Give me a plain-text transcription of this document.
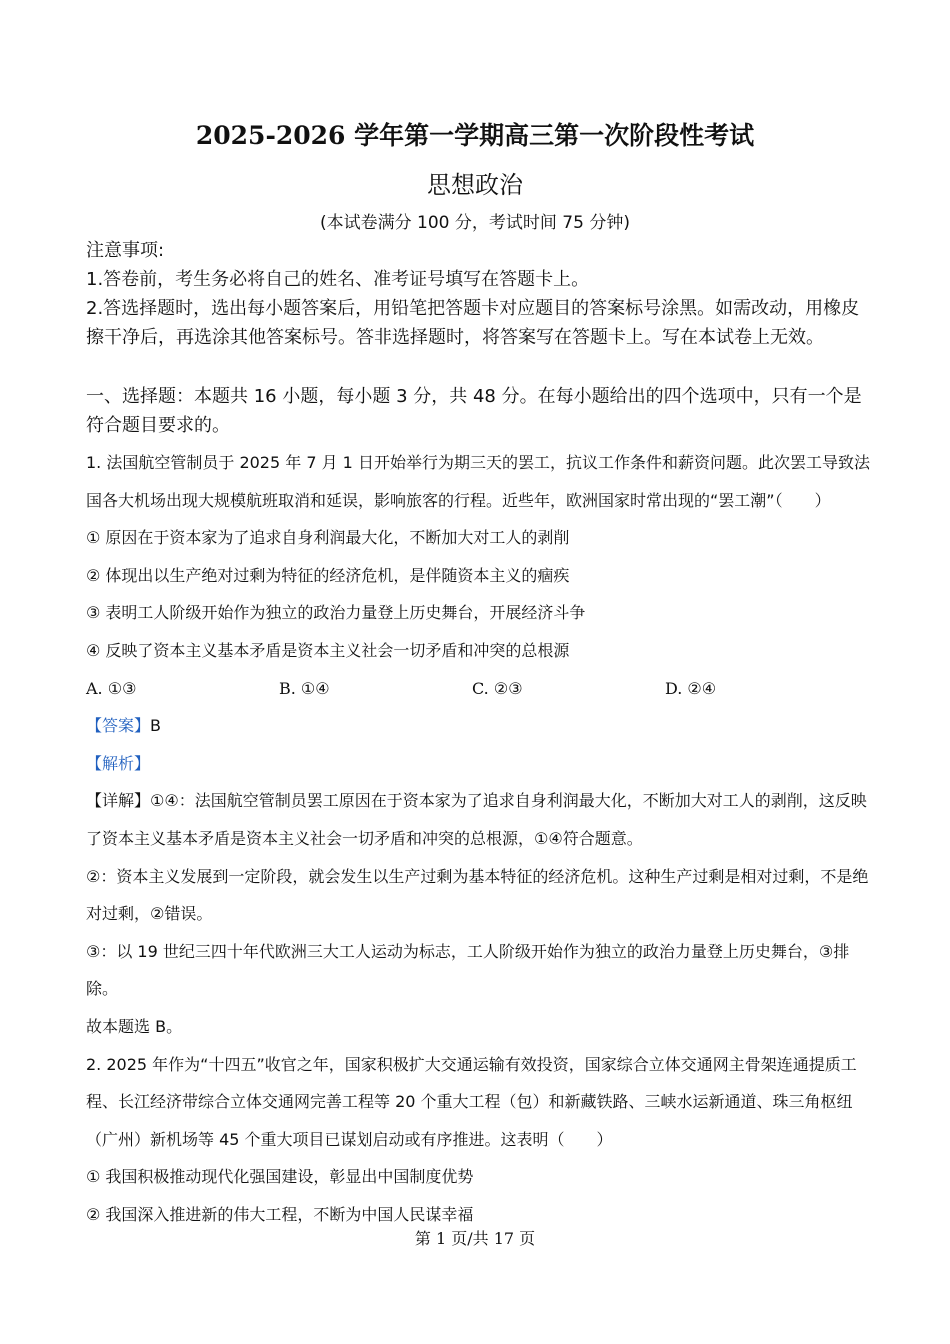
2025-2026 学年第一学期高三第一次阶段性考试
思想政治
(本试卷满分 100 分，考试时间 75 分钟)

注意事项:

1.答卷前，考生务必将自己的姓名、准考证号填写在答题卡上。

2.答选择题时，选出每小题答案后，用铅笔把答题卡对应题目的答案标号涂黑。如需改动，用橡皮擦干净后，再选涂其他答案标号。答非选择题时，将答案写在答题卡上。写在本试卷上无效。

一、选择题：本题共 16 小题，每小题 3 分，共 48 分。在每小题给出的四个选项中，只有一个是符合题目要求的。

1. 法国航空管制员于 2025 年 7 月 1 日开始举行为期三天的罢工，抗议工作条件和薪资问题。此次罢工导致法国各大机场出现大规模航班取消和延误，影响旅客的行程。近些年，欧洲国家时常出现的“罢工潮”（　　）

① 原因在于资本家为了追求自身利润最大化，不断加大对工人的剥削

② 体现出以生产绝对过剩为特征的经济危机，是伴随资本主义的痼疾

③ 表明工人阶级开始作为独立的政治力量登上历史舞台，开展经济斗争

④ 反映了资本主义基本矛盾是资本主义社会一切矛盾和冲突的总根源

A. ①③	B. ①④	C. ②③	D. ②④

【答案】B

【解析】

【详解】①④：法国航空管制员罢工原因在于资本家为了追求自身利润最大化，不断加大对工人的剥削，这反映了资本主义基本矛盾是资本主义社会一切矛盾和冲突的总根源，①④符合题意。

②：资本主义发展到一定阶段，就会发生以生产过剩为基本特征的经济危机。这种生产过剩是相对过剩，不是绝对过剩，②错误。

③：以 19 世纪三四十年代欧洲三大工人运动为标志，工人阶级开始作为独立的政治力量登上历史舞台，③排除。

故本题选 B。

2. 2025 年作为“十四五”收官之年，国家积极扩大交通运输有效投资，国家综合立体交通网主骨架连通提质工程、长江经济带综合立体交通网完善工程等 20 个重大工程（包）和新藏铁路、三峡水运新通道、珠三角枢纽（广州）新机场等 45 个重大项目已谋划启动或有序推进。这表明（　　）

① 我国积极推动现代化强国建设，彰显出中国制度优势

② 我国深入推进新的伟大工程，不断为中国人民谋幸福

第 1 页/共 17 页
